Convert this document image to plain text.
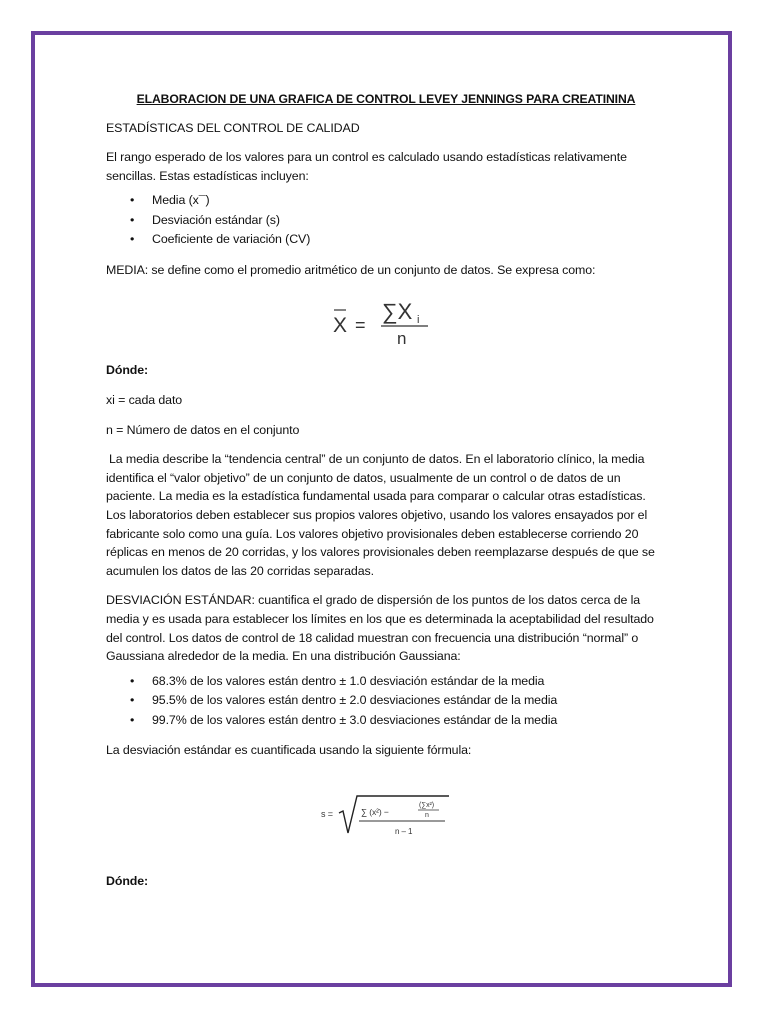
ELABORACION DE UNA GRAFICA DE CONTROL LEVEY JENNINGS PARA CREATININA

ESTADÍSTICAS DEL CONTROL DE CALIDAD

El rango esperado de los valores para un control es calculado usando estadísticas relativamente sencillas. Estas estadísticas incluyen:

• Media (x¯)
• Desviación estándar (s)
• Coeficiente de variación (CV)

MEDIA: se define como el promedio aritmético de un conjunto de datos. Se expresa como:

X =
∑X i
n

Dónde:

xi = cada dato

n = Número de datos en el conjunto

La media describe la “tendencia central” de un conjunto de datos. En el laboratorio clínico, la media identifica el “valor objetivo” de un conjunto de datos, usualmente de un control o de datos de un paciente. La media es la estadística fundamental usada para comparar o calcular otras estadísticas. Los laboratorios deben establecer sus propios valores objetivo, usando los valores ensayados por el fabricante solo como una guía. Los valores objetivo provisionales deben establecerse corriendo 20 réplicas en menos de 20 corridas, y los valores provisionales deben reemplazarse después de que se acumulen los datos de las 20 corridas separadas.

DESVIACIÓN ESTÁNDAR: cuantifica el grado de dispersión de los puntos de los datos cerca de la media y es usada para establecer los límites en los que es determinada la aceptabilidad del resultado del control. Los datos de control de 18 calidad muestran con frecuencia una distribución “normal” o Gaussiana alrededor de la media. En una distribución Gaussiana:

• 68.3% de los valores están dentro ± 1.0 desviación estándar de la media
• 95.5% de los valores están dentro ± 2.0 desviaciones estándar de la media
• 99.7% de los valores están dentro ± 3.0 desviaciones estándar de la media

La desviación estándar es cuantificada usando la siguiente fórmula:

s =	∑ (x²) −
(∑x²)
n
n – 1

Dónde:
